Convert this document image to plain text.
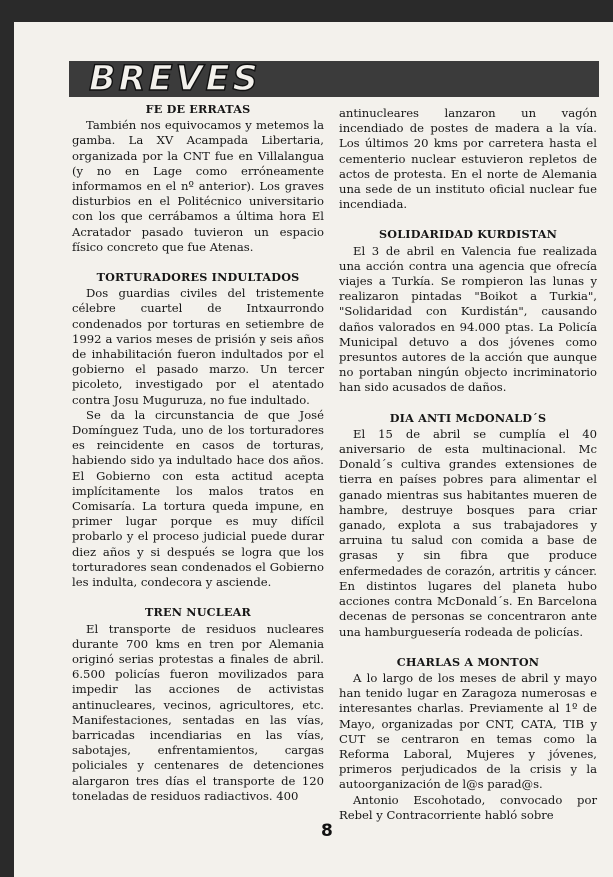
BREVES
FE DE ERRATAS

También nos equivocamos y metemos la gamba. La XV Acampada Libertaria, organizada por la CNT fue en Villalangua (y no en Lage como erróneamente informamos en el nº anterior). Los graves disturbios en el Politécnico universitario con los que cerrábamos a última hora El Acratador pasado tuvieron un espacio físico concreto que fue Atenas.

TORTURADORES INDULTADOS

Dos guardias civiles del tristemente célebre cuartel de Intxaurrondo condenados por torturas en setiembre de 1992 a varios meses de prisión y seis años de inhabilitación fueron indultados por el gobierno el pasado marzo. Un tercer picoleto, investigado por el atentado contra Josu Muguruza, no fue indultado.

Se da la circunstancia de que José Domínguez Tuda, uno de los torturadores es reincidente en casos de torturas, habiendo sido ya indultado hace dos años. El Gobierno con esta actitud acepta implícitamente los malos tratos en Comisaría. La tortura queda impune, en primer lugar porque es muy difícil probarlo y el proceso judicial puede durar diez años y si después se logra que los torturadores sean condenados el Gobierno les indulta, condecora y asciende.

TREN NUCLEAR

El transporte de residuos nucleares durante 700 kms en tren por Alemania originó serias protestas a finales de abril. 6.500 policías fueron movilizados para impedir las acciones de activistas antinucleares, vecinos, agricultores, etc. Manifestaciones, sentadas en las vías, barricadas incendiarias en las vías, sabotajes, enfrentamientos, cargas policiales y centenares de detenciones alargaron tres días el transporte de 120 toneladas de residuos radiactivos. 400

antinucleares lanzaron un vagón incendiado de postes de madera a la vía. Los últimos 20 kms por carretera hasta el cementerio nuclear estuvieron repletos de actos de protesta. En el norte de Alemania una sede de un instituto oficial nuclear fue incendiada.

SOLIDARIDAD KURDISTAN

El 3 de abril en Valencia fue realizada una acción contra una agencia que ofrecía viajes a Turkía. Se rompieron las lunas y realizaron pintadas "Boikot a Turkia", "Solidaridad con Kurdistán", causando daños valorados en 94.000 ptas. La Policía Municipal detuvo a dos jóvenes como presuntos autores de la acción que aunque no portaban ningún objecto incriminatorio han sido acusados de daños.

DIA ANTI McDONALD´S

El 15 de abril se cumplía el 40 aniversario de esta multinacional. Mc Donald´s cultiva grandes extensiones de tierra en países pobres para alimentar el ganado mientras sus habitantes mueren de hambre, destruye bosques para criar ganado, explota a sus trabajadores y arruina tu salud con comida a base de grasas y sin fibra que produce enfermedades de corazón, artritis y cáncer. En distintos lugares del planeta hubo acciones contra McDonald´s. En Barcelona decenas de personas se concentraron ante una hamburguesería rodeada de policías.

CHARLAS A MONTON

A lo largo de los meses de abril y mayo han tenido lugar en Zaragoza numerosas e interesantes charlas. Previamente al 1º de Mayo, organizadas por CNT, CATA, TIB y CUT se centraron en temas como la Reforma Laboral, Mujeres y jóvenes, primeros perjudicados de la crisis y la autoorganización de l@s parad@s.

Antonio Escohotado, convocado por Rebel y Contracorriente habló sobre

8
